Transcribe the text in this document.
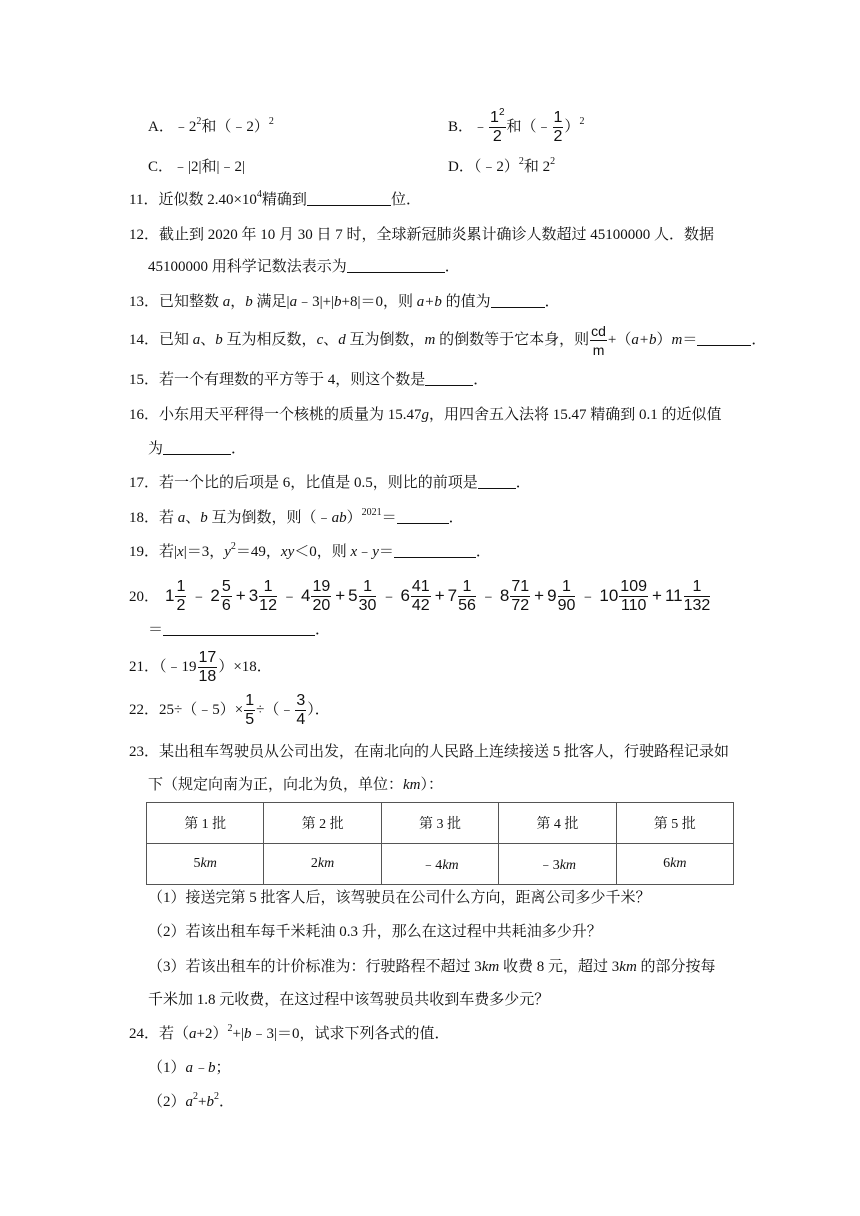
A．$﹣2^2$和（﹣2）$^2$	B．﹣ $\frac{1^2}{2}$ 和（﹣ $\frac{1}{2} )^2$
C．﹣|2|和|﹣2|	D．（﹣2）$^2$和 $2^2$
11．近似数 $2.40\times 10^4$精确到	位．
12．截止到 2020 年 10 月 30 日 7 时，全球新冠肺炎累计确诊人数超过 45100000 人．数据
45100000 用科学记数法表示为	．
13．已知整数 a，b 满足|a﹣3|+|b+8|＝0，则 a+b 的值为	．
14．已知 a、b 互为相反数，c、d 互为倒数，m 的倒数等于它本身，则 $\frac{cd}{m} +(a+b)m=$	．
15．若一个有理数的平方等于 4，则这个数是	．
16．小东用天平秤得一个核桃的质量为 15.47g，用四舍五入法将 15.47 精确到 0.1 的近似值
为	．
17．若一个比的后项是 6，比值是 0.5，则比的前项是	．
18．若 a、b 互为倒数，则（﹣ab）$^{2021}$＝	．
19．若|x|＝3，$y^2=49$，xy＜0，则 x﹣y＝	．
20． $1 \frac{1}{2}$ ﹣ $2 \frac{5}{6} + 3 \frac{1}{12}$ ﹣ $4 \frac{19}{20} + 5 \frac{1}{30}$ ﹣ $6 \frac{41}{42} + 7 \frac{1}{56}$ ﹣ $8 \frac{71}{72} + 9 \frac{1}{90}$ ﹣ $10 \frac{109}{110} + 11 \frac{1}{132}$
＝	．
21．（﹣19 $\frac{17}{18} )\times 18$．
22．25÷（﹣5）× $\frac{1}{5}$ ÷（﹣ $\frac{3}{4}$ ）．
23．某出租车驾驶员从公司出发，在南北向的人民路上连续接送 5 批客人，行驶路程记录如
下（规定向南为正，向北为负，单位：km）：
第 1 批	第 2 批	第 3 批	第 4 批	第 5 批
5km	2km	﹣4km	﹣3km	6km
（1）接送完第 5 批客人后，该驾驶员在公司什么方向，距离公司多少千米？
（2）若该出租车每千米耗油 0.3 升，那么在这过程中共耗油多少升？
（3）若该出租车的计价标准为：行驶路程不超过 3km 收费 8 元，超过 3km 的部分按每
千米加 1.8 元收费，在这过程中该驾驶员共收到车费多少元？
24．若$(a+2)^2+|b﹣3|=0$，试求下列各式的值．
（1）a﹣b；
$(2)a^2+b^2$．
